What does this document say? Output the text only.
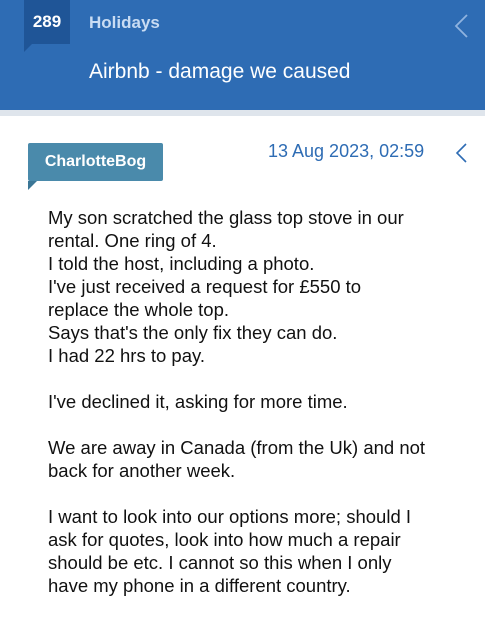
289	Holidays
Airbnb - damage we caused
CharlotteBog
13 Aug 2023, 02:59

My son scratched the glass top stove in our
rental. One ring of 4.
I told the host, including a photo.
I've just received a request for £550 to
replace the whole top.
Says that's the only fix they can do.
I had 22 hrs to pay.

I've declined it, asking for more time.

We are away in Canada (from the Uk) and not
back for another week.

I want to look into our options more; should I
ask for quotes, look into how much a repair
should be etc. I cannot so this when I only
have my phone in a different country.
